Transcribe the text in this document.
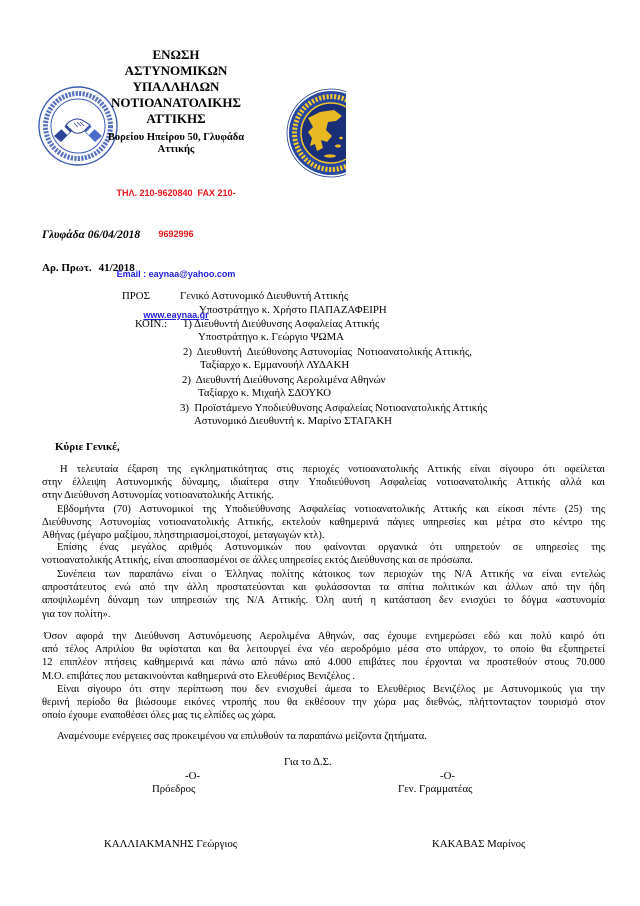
ΕΝΩΣΗ
ΑΣΤΥΝΟΜΙΚΩΝ
ΥΠΑΛΛΗΛΩΝ
ΝΟΤΙΟΑΝΑΤΟΛΙΚΗΣ
ΑΤΤΙΚΗΣ
Βορείου Ηπείρου 50, Γλυφάδα
Αττικής

ΤΗΛ. 210-9620840  FAX 210-

9692996

Email : eaynaa@yahoo.com

www.eaynaa.gr

Γλυφάδα 06/04/2018
Αρ. Πρωτ. 41/2018
ΠΡΟΣ	Γενικό Αστυνομικό Διευθυντή Αττικής
Υποστράτηγο κ. Χρήστο ΠΑΠΑΖΑΦΕΙΡΗ
ΚΟΙΝ.: 1) Διευθυντή Διεύθυνσης Ασφαλείας Αττικής
Υποστράτηγο κ. Γεώργιο ΨΩΜΑ
2)  Διευθυντή  Διεύθυνσης Αστυνομίας  Νοτιοανατολικής Αττικής,
Ταξίαρχο κ. Εμμανουήλ ΛΥΔΑΚΗ
2)  Διευθυντή Διεύθυνσης Αερολιμένα Αθηνών
Ταξίαρχο κ. Μιχαήλ ΣΔΟΥΚΟ
3)  Προϊστάμενο Υποδιεύθυνσης Ασφαλείας Νοτιοανατολικής Αττικής
Αστυνομικό Διευθυντή κ. Μαρίνο ΣΤΑΓΑΚΗ
Κύριε Γενικέ,
Η τελευταία έξαρση της εγκληματικότητας στις περιοχές νοτιοανατολικής Αττικής είναι σίγουρο ότι οφείλεται
στην έλλειψη Αστυνομικής δύναμης, ιδιαίτερα στην Υποδιεύθυνση Ασφαλείας νοτιοανατολικής Αττικής αλλά και
στην Διεύθυνση Αστυνομίας νοτιοανατολικής Αττικής.
Εβδομήντα (70) Αστυνομικοί της Υποδιεύθυνσης Ασφαλείας νοτιοανατολικής Αττικής και είκοσι πέντε (25) της
Διεύθυνσης Αστυνομίας νοτιοανατολικής Αττικής, εκτελούν καθημερινά πάγιες υπηρεσίες και μέτρα στο κέντρο της
Αθήνας (μέγαρο μαξίμου, πληστηριασμοί,στοχοί, μεταγωγών κτλ).
Επίσης ένας μεγάλος αριθμός Αστυνομικών που φαίνονται οργανικά ότι υπηρετούν σε υπηρεσίες της
νοτιοανατολικής Αττικής, είναι αποσπασμένοι σε άλλες υπηρεσίες εκτός Διεύθυνσης και σε πρόσωπα.
Συνέπεια των παραπάνω είναι ο Έλληνας πολίτης κάτοικος των περιοχών της Ν/Α Αττικής να είναι εντελώς
απροστάτευτος ενώ από την άλλη προστατεύονται και φυλάσσονται τα σπίτια πολιτικών και άλλων από την ήδη
αποψιλωμένη δύναμη των υπηρεσιών της Ν/Α Αττικής. Όλη αυτή η κατάσταση δεν ενισχύει το δόγμα «αστυνομία
για τον πολίτη».
Όσον αφορά την Διεύθυνση Αστυνόμευσης Αερολιμένα Αθηνών, σας έχουμε ενημερώσει εδώ και πολύ καιρό ότι
από τέλος Απριλίου θα υφίσταται και θα λειτουργεί ένα νέο αεροδρόμιο μέσα στο υπάρχον, το οποίο θα εξυπηρετεί
12 επιπλέον πτήσεις καθημερινά και πάνω από πάνω από 4.000 επιβάτες που έρχονται να προστεθούν στους 70.000
Μ.Ο. επιβάτες που μετακινούνται καθημερινά στο Ελευθέριος Βενιζέλος .
Είναι σίγουρο ότι στην περίπτωση που δεν ενισχυθεί άμεσα το Ελευθέριος Βενιζέλος με Αστυνομικούς για την
θερινή περίοδο θα βιώσουμε εικόνες ντροπής που θα εκθέσουν την χώρα μας διεθνώς, πλήττονταςτον τουρισμό στον
οποίο έχουμε εναποθέσει όλες μας τις ελπίδες ως χώρα.
Αναμένουμε ενέργειες σας προκειμένου να επιλυθούν τα παραπάνω μείζοντα ζητήματα.
Για το Δ.Σ.
-Ο-
Πρόεδρος
ΚΑΛΛΙΑΚΜΑΝΗΣ Γεώργιος
-Ο-
Γεν. Γραμματέας
ΚΑΚΑΒΑΣ Μαρίνος
